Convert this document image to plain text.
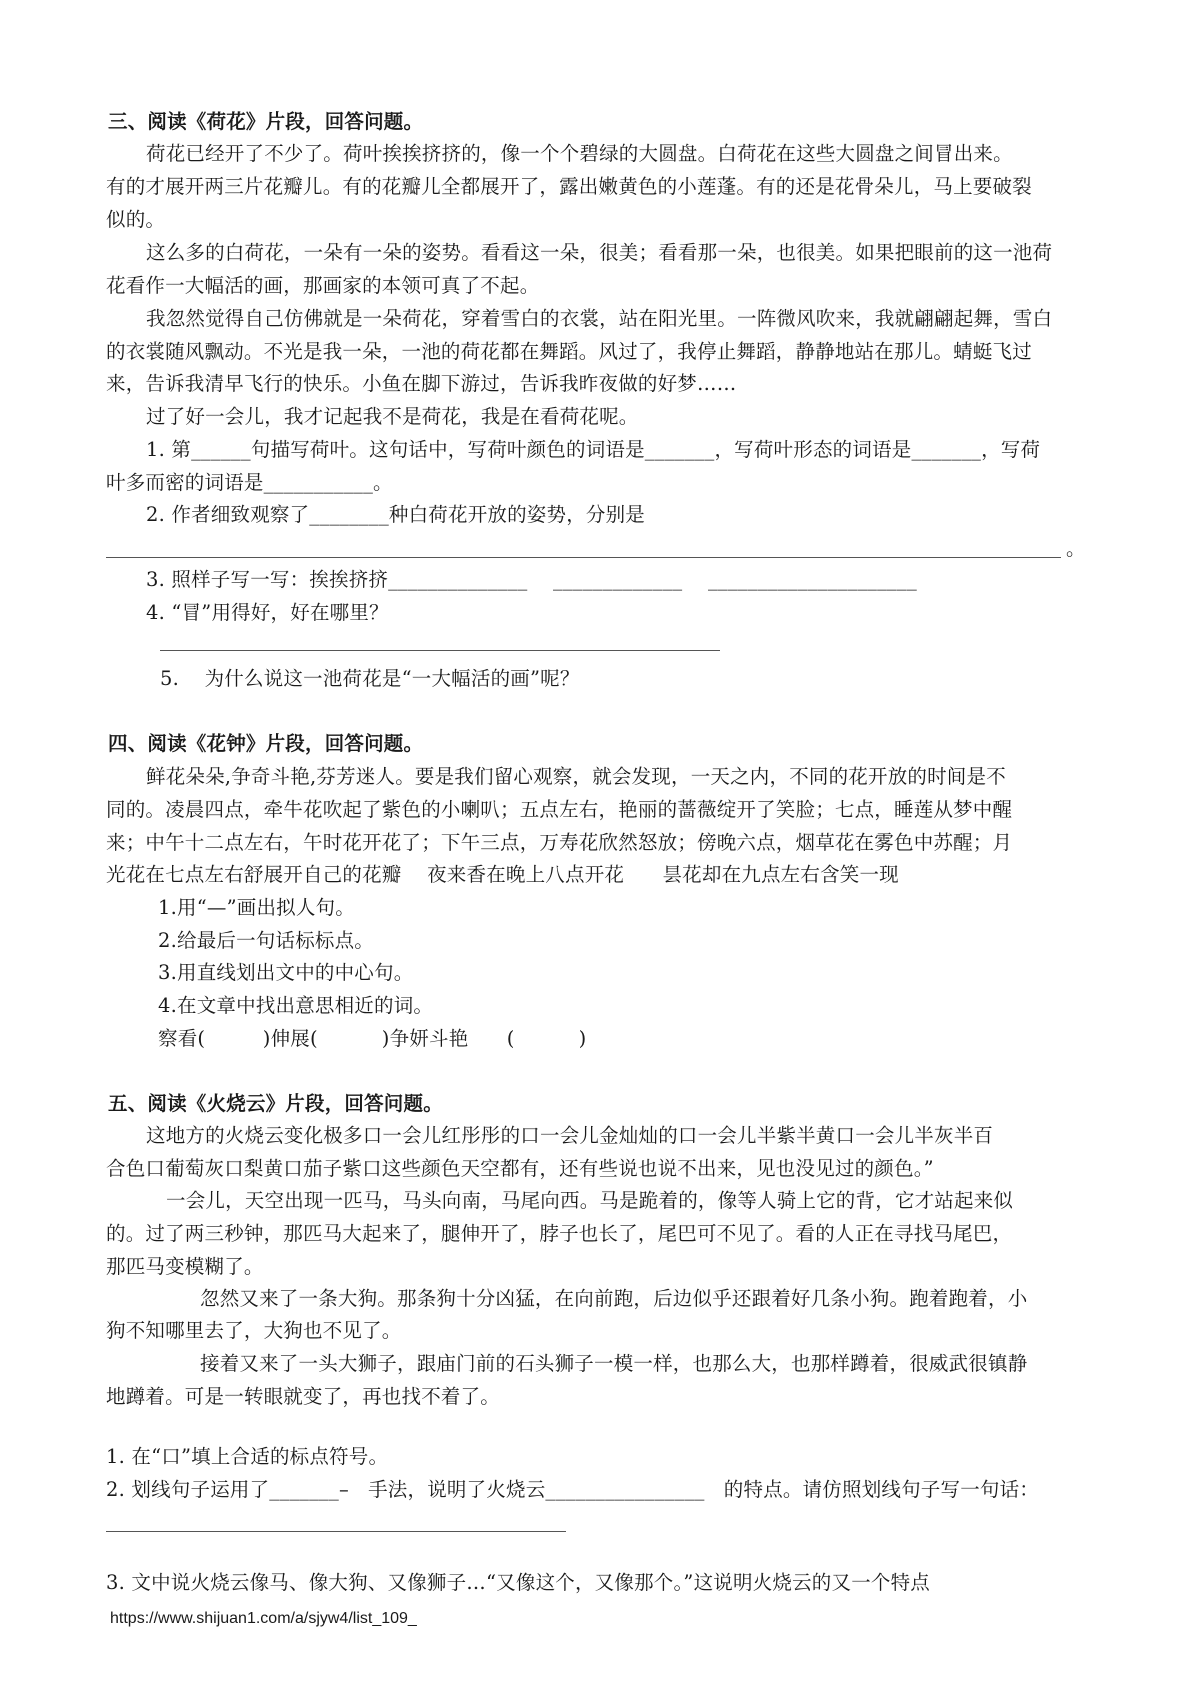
三、阅读《荷花》片段，回答问题。
荷花已经开了不少了。荷叶挨挨挤挤的，像一个个碧绿的大圆盘。白荷花在这些大圆盘之间冒出来。
有的才展开两三片花瓣儿。有的花瓣儿全都展开了，露出嫩黄色的小莲蓬。有的还是花骨朵儿，马上要破裂
似的。
这么多的白荷花，一朵有一朵的姿势。看看这一朵，很美；看看那一朵，也很美。如果把眼前的这一池荷
花看作一大幅活的画，那画家的本领可真了不起。
我忽然觉得自己仿佛就是一朵荷花，穿着雪白的衣裳，站在阳光里。一阵微风吹来，我就翩翩起舞，雪白
的衣裳随风飘动。不光是我一朵，一池的荷花都在舞蹈。风过了，我停止舞蹈，静静地站在那儿。蜻蜓飞过
来，告诉我清早飞行的快乐。小鱼在脚下游过，告诉我昨夜做的好梦……
过了好一会儿，我才记起我不是荷花，我是在看荷花呢。
1. 第______句描写荷叶。这句话中，写荷叶颜色的词语是_______，写荷叶形态的词语是_______，写荷
叶多而密的词语是___________。
2. 作者细致观察了________种白荷花开放的姿势，分别是
。
3. 照样子写一写：挨挨挤挤______________    _____________    _____________________
4. “冒”用得好，好在哪里？
5.    为什么说这一池荷花是“一大幅活的画”呢？
四、阅读《花钟》片段，回答问题。
鲜花朵朵,争奇斗艳,芬芳迷人。要是我们留心观察，就会发现，一天之内，不同的花开放的时间是不
同的。凌晨四点，牵牛花吹起了紫色的小喇叭；五点左右，艳丽的蔷薇绽开了笑脸；七点，睡莲从梦中醒
来；中午十二点左右，午时花开花了；下午三点，万寿花欣然怒放；傍晚六点，烟草花在雾色中苏醒；月
光花在七点左右舒展开自己的花瓣    夜来香在晚上八点开花      昙花却在九点左右含笑一现
1.用“—”画出拟人句。
2.给最后一句话标标点。
3.用直线划出文中的中心句。
4.在文章中找出意思相近的词。
察看(         )伸展(          )争妍斗艳      (          )
五、阅读《火烧云》片段，回答问题。
这地方的火烧云变化极多口一会儿红彤彤的口一会儿金灿灿的口一会儿半紫半黄口一会儿半灰半百
合色口葡萄灰口梨黄口茄子紫口这些颜色天空都有，还有些说也说不出来，见也没见过的颜色。”
一会儿，天空出现一匹马，马头向南，马尾向西。马是跪着的，像等人骑上它的背，它才站起来似
的。过了两三秒钟，那匹马大起来了，腿伸开了，脖子也长了，尾巴可不见了。看的人正在寻找马尾巴，
那匹马变模糊了。
忽然又来了一条大狗。那条狗十分凶猛，在向前跑，后边似乎还跟着好几条小狗。跑着跑着，小
狗不知哪里去了，大狗也不见了。
接着又来了一头大狮子，跟庙门前的石头狮子一模一样，也那么大，也那样蹲着，很威武很镇静
地蹲着。可是一转眼就变了，再也找不着了。
1. 在“口”填上合适的标点符号。
2. 划线句子运用了_______–   手法，说明了火烧云________________   的特点。请仿照划线句子写一句话：
3. 文中说火烧云像马、像大狗、又像狮子…“又像这个，又像那个。”这说明火烧云的又一个特点
https://www.shijuan1.com/a/sjyw4/list_109_
